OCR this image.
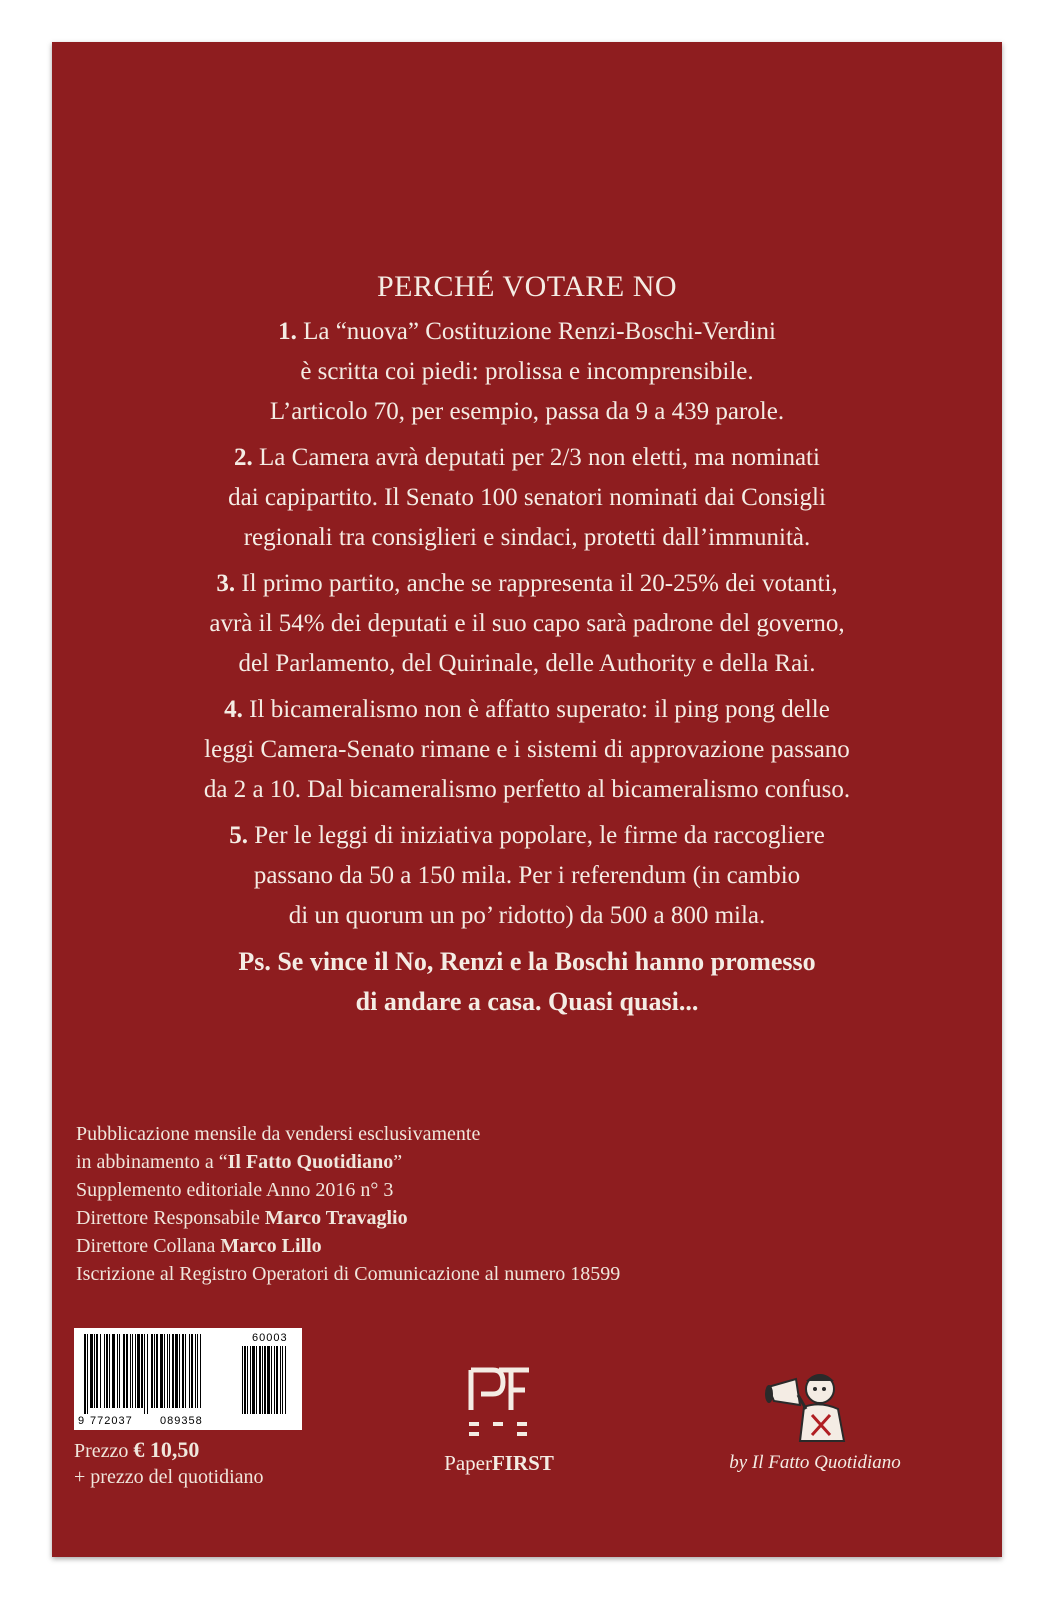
PERCHÉ VOTARE NO
1. La “nuova” Costituzione Renzi-Boschi-Verdini
è scritta coi piedi: prolissa e incomprensibile.
L’articolo 70, per esempio, passa da 9 a 439 parole.
2. La Camera avrà deputati per 2/3 non eletti, ma nominati
dai capipartito. Il Senato 100 senatori nominati dai Consigli
regionali tra consiglieri e sindaci, protetti dall’immunità.
3. Il primo partito, anche se rappresenta il 20-25% dei votanti,
avrà il 54% dei deputati e il suo capo sarà padrone del governo,
del Parlamento, del Quirinale, delle Authority e della Rai.
4. Il bicameralismo non è affatto superato: il ping pong delle
leggi Camera-Senato rimane e i sistemi di approvazione passano
da 2 a 10. Dal bicameralismo perfetto al bicameralismo confuso.
5. Per le leggi di iniziativa popolare, le firme da raccogliere
passano da 50 a 150 mila. Per i referendum (in cambio
di un quorum un po’ ridotto) da 500 a 800 mila.
Ps. Se vince il No, Renzi e la Boschi hanno promesso
di andare a casa. Quasi quasi...
Pubblicazione mensile da vendersi esclusivamente
in abbinamento a “Il Fatto Quotidiano”
Supplemento editoriale Anno 2016 n° 3
Direttore Responsabile Marco Travaglio
Direttore Collana Marco Lillo
Iscrizione al Registro Operatori di Comunicazione al numero 18599
9 772037 089358
60003
Prezzo € 10,50
+ prezzo del quotidiano
PaperFIRST	by Il Fatto Quotidiano
